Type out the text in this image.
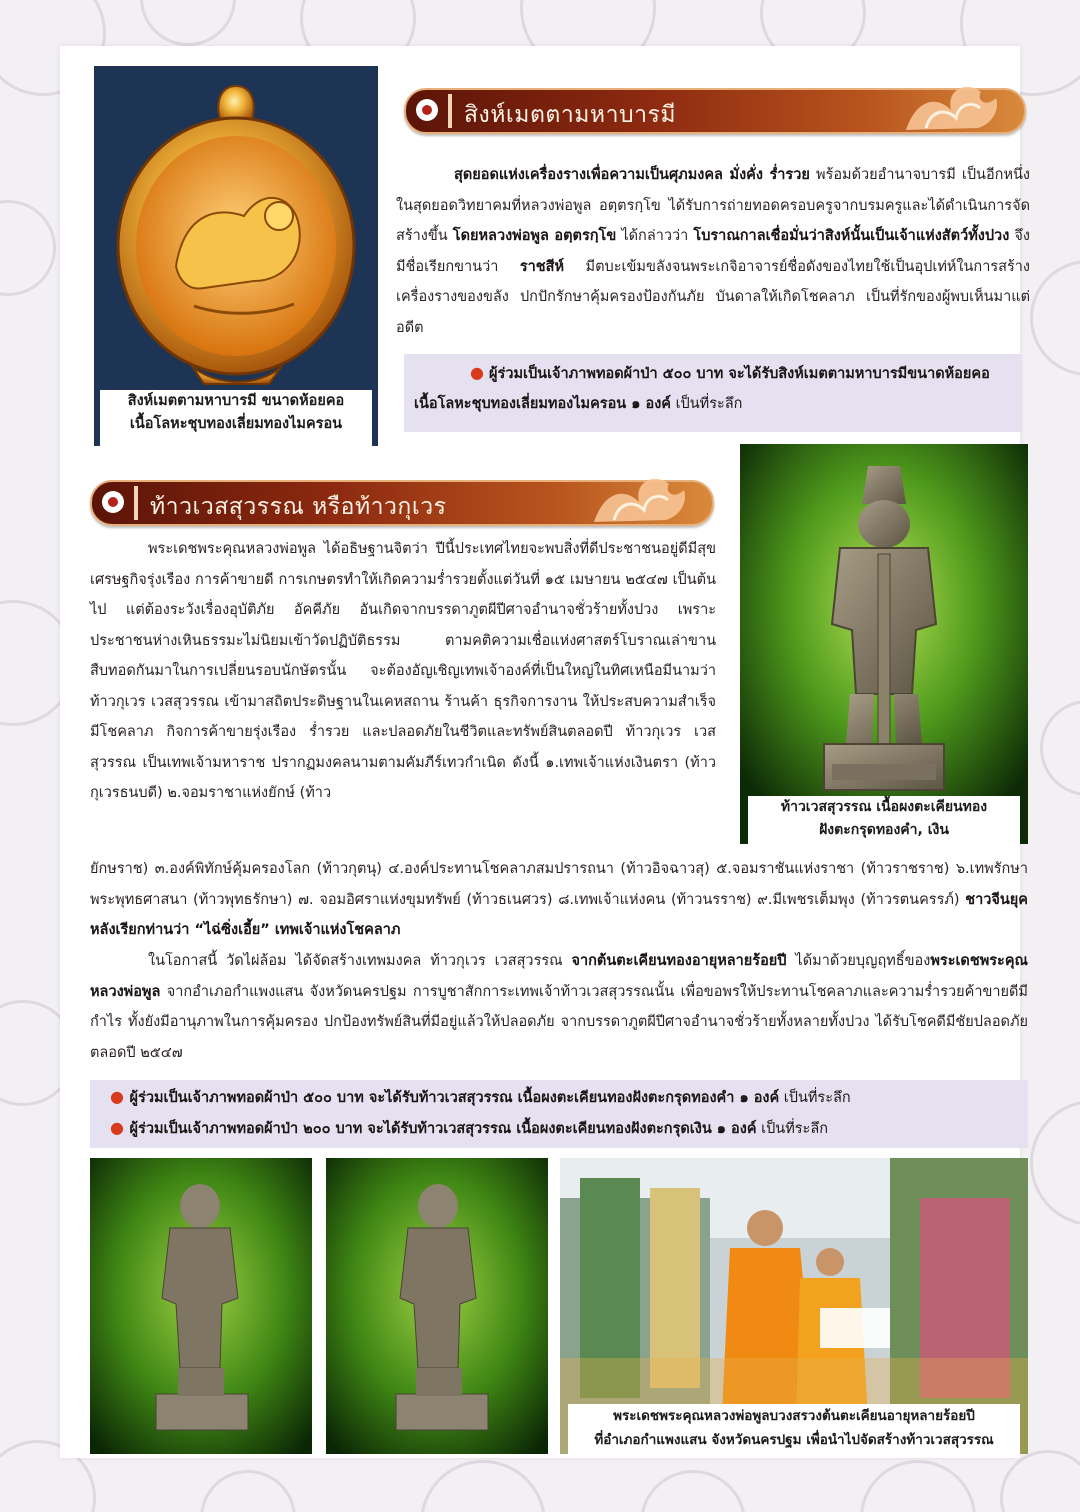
สิงห์เมตตามหาบารมี ขนาดห้อยคอ
เนื้อโลหะชุบทองเลี่ยมทองไมครอน
สิงห์เมตตามหาบารมี
สุดยอดแห่งเครื่องรางเพื่อความเป็นศุภมงคล มั่งคั่ง ร่ำรวย พร้อมด้วยอำนาจบารมี เป็นอีกหนึ่งในสุดยอดวิทยาคมที่หลวงพ่อพูล อตฺตรกฺโข ได้รับการถ่ายทอดครอบครูจากบรมครูและได้ดำเนินการจัดสร้างขึ้น โดยหลวงพ่อพูล อตฺตรกฺโข ได้กล่าวว่า โบราณกาลเชื่อมั่นว่าสิงห์นั้นเป็นเจ้าแห่งสัตว์ทั้งปวง จึงมีชื่อเรียกขานว่า ราชสีห์ มีตบะเข้มขลังจนพระเกจิอาจารย์ชื่อดังของไทยใช้เป็นอุปเท่ห์ในการสร้างเครื่องรางของขลัง ปกปักรักษาคุ้มครองป้องกันภัย บันดาลให้เกิดโชคลาภ เป็นที่รักของผู้พบเห็นมาแต่อดีต
● ผู้ร่วมเป็นเจ้าภาพทอดผ้าป่า ๕๐๐ บาท จะได้รับสิงห์เมตตามหาบารมีขนาดห้อยคอ เนื้อโลหะชุบทองเลี่ยมทองไมครอน ๑ องค์ เป็นที่ระลึก
ท้าวเวสสุวรรณ หรือท้าวกุเวร
ท้าวเวสสุวรรณ เนื้อผงตะเคียนทอง
ฝังตะกรุดทองคำ, เงิน
พระเดชพระคุณหลวงพ่อพูล ได้อธิษฐานจิตว่า ปีนี้ประเทศไทยจะพบสิ่งที่ดีประชาชนอยู่ดีมีสุข เศรษฐกิจรุ่งเรือง การค้าขายดี การเกษตรทำให้เกิดความร่ำรวยตั้งแต่วันที่ ๑๕ เมษายน ๒๕๔๗ เป็นต้นไป แต่ต้องระวังเรื่องอุบัติภัย อัคคีภัย อันเกิดจากบรรดาภูตผีปีศาจอำนาจชั่วร้ายทั้งปวง เพราะประชาชนห่างเหินธรรมะไม่นิยมเข้าวัดปฏิบัติธรรม ตามคติความเชื่อแห่งศาสตร์โบราณเล่าขานสืบทอดกันมาในการเปลี่ยนรอบนักษัตรนั้น จะต้องอัญเชิญเทพเจ้าองค์ที่เป็นใหญ่ในทิศเหนือมีนามว่า ท้าวกุเวร เวสสุวรรณ เข้ามาสถิตประดิษฐานในเคหสถาน ร้านค้า ธุรกิจการงาน ให้ประสบความสำเร็จ มีโชคลาภ กิจการค้าขายรุ่งเรือง ร่ำรวย และปลอดภัยในชีวิตและทรัพย์สินตลอดปี ท้าวกุเวร เวสสุวรรณ เป็นเทพเจ้ามหาราช ปรากฏมงคลนามตามคัมภีร์เทวกำเนิด ดังนี้ ๑.เทพเจ้าแห่งเงินตรา (ท้าวกุเวรธนบดี) ๒.จอมราชาแห่งยักษ์ (ท้าว
ยักษราช) ๓.องค์พิทักษ์คุ้มครองโลก (ท้าวกุตนุ) ๔.องค์ประทานโชคลาภสมปรารถนา (ท้าวอิจฉาวสุ) ๕.จอมราชันแห่งราชา (ท้าวราชราช) ๖.เทพรักษาพระพุทธศาสนา (ท้าวพุทธรักษา) ๗. จอมอิศราแห่งขุมทรัพย์ (ท้าวธเนศวร) ๘.เทพเจ้าแห่งคน (ท้าวนรราช) ๙.มีเพชรเต็มพุง (ท้าวรตนครรภ์) ชาวจีนยุคหลังเรียกท่านว่า “ไฉ่ซิ่งเอี้ย” เทพเจ้าแห่งโชคลาภ
ในโอกาสนี้ วัดไผ่ล้อม ได้จัดสร้างเทพมงคล ท้าวกุเวร เวสสุวรรณ จากต้นตะเคียนทองอายุหลายร้อยปี ได้มาด้วยบุญฤทธิ์ของพระเดชพระคุณหลวงพ่อพูล จากอำเภอกำแพงแสน จังหวัดนครปฐม การบูชาสักการะเทพเจ้าท้าวเวสสุวรรณนั้น เพื่อขอพรให้ประทานโชคลาภและความร่ำรวยค้าขายดีมีกำไร ทั้งยังมีอานุภาพในการคุ้มครอง ปกป้องทรัพย์สินที่มีอยู่แล้วให้ปลอดภัย จากบรรดาภูตผีปีศาจอำนาจชั่วร้ายทั้งหลายทั้งปวง ได้รับโชคดีมีชัยปลอดภัยตลอดปี ๒๕๔๗
● ผู้ร่วมเป็นเจ้าภาพทอดผ้าป่า ๕๐๐ บาท จะได้รับท้าวเวสสุวรรณ เนื้อผงตะเคียนทองฝังตะกรุดทองคำ ๑ องค์ เป็นที่ระลึก
● ผู้ร่วมเป็นเจ้าภาพทอดผ้าป่า ๒๐๐ บาท จะได้รับท้าวเวสสุวรรณ เนื้อผงตะเคียนทองฝังตะกรุดเงิน ๑ องค์ เป็นที่ระลึก
พระเดชพระคุณหลวงพ่อพูลบวงสรวงต้นตะเคียนอายุหลายร้อยปี
ที่อำเภอกำแพงแสน จังหวัดนครปฐม เพื่อนำไปจัดสร้างท้าวเวสสุวรรณ
